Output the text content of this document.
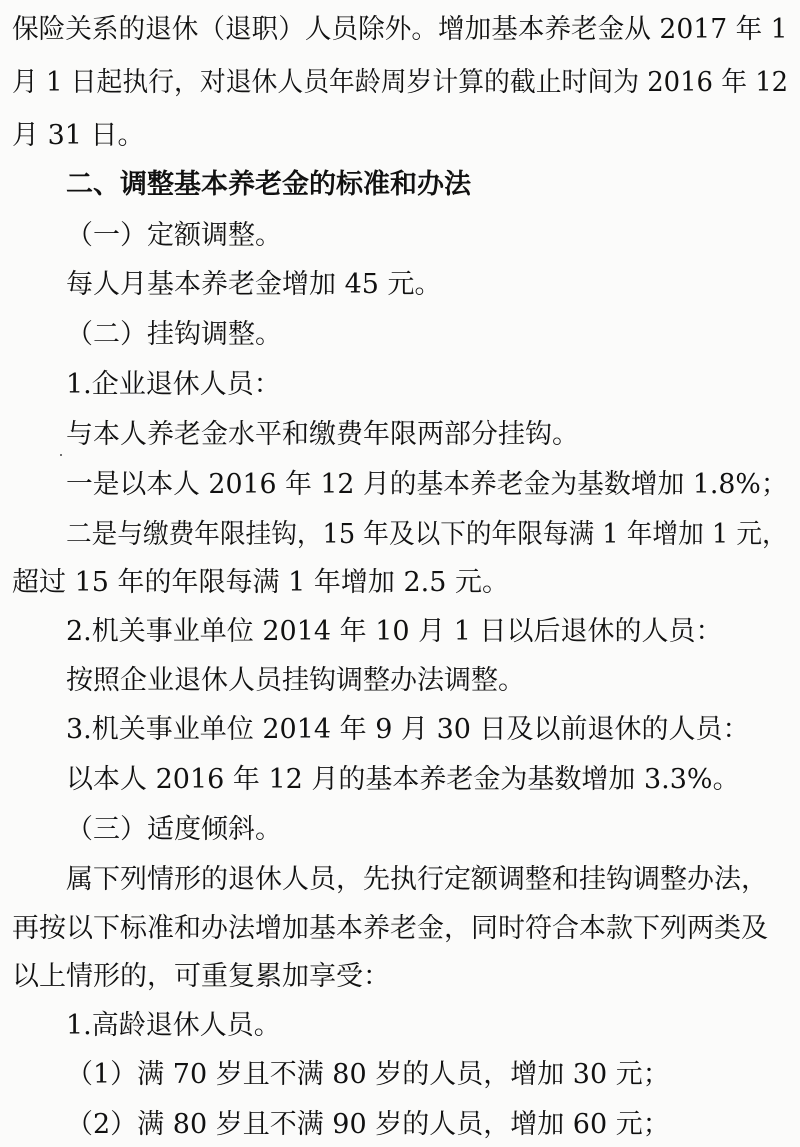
保险关系的退休（退职）人员除外。增加基本养老金从 2017 年 1

月 1 日起执行，对退休人员年龄周岁计算的截止时间为 2016 年 12

月 31 日。

二、调整基本养老金的标准和办法

（一）定额调整。

每人月基本养老金增加 45 元。

（二）挂钩调整。

1.企业退休人员：

与本人养老金水平和缴费年限两部分挂钩。

一是以本人 2016 年 12 月的基本养老金为基数增加 1.8%；

二是与缴费年限挂钩，15 年及以下的年限每满 1 年增加 1 元，

超过 15 年的年限每满 1 年增加 2.5 元。

2.机关事业单位 2014 年 10 月 1 日以后退休的人员：

按照企业退休人员挂钩调整办法调整。

3.机关事业单位 2014 年 9 月 30 日及以前退休的人员：

以本人 2016 年 12 月的基本养老金为基数增加 3.3%。

（三）适度倾斜。

属下列情形的退休人员，先执行定额调整和挂钩调整办法，

再按以下标准和办法增加基本养老金，同时符合本款下列两类及

以上情形的，可重复累加享受：

1.高龄退休人员。

（1）满 70 岁且不满 80 岁的人员，增加 30 元；

（2）满 80 岁且不满 90 岁的人员，增加 60 元；
